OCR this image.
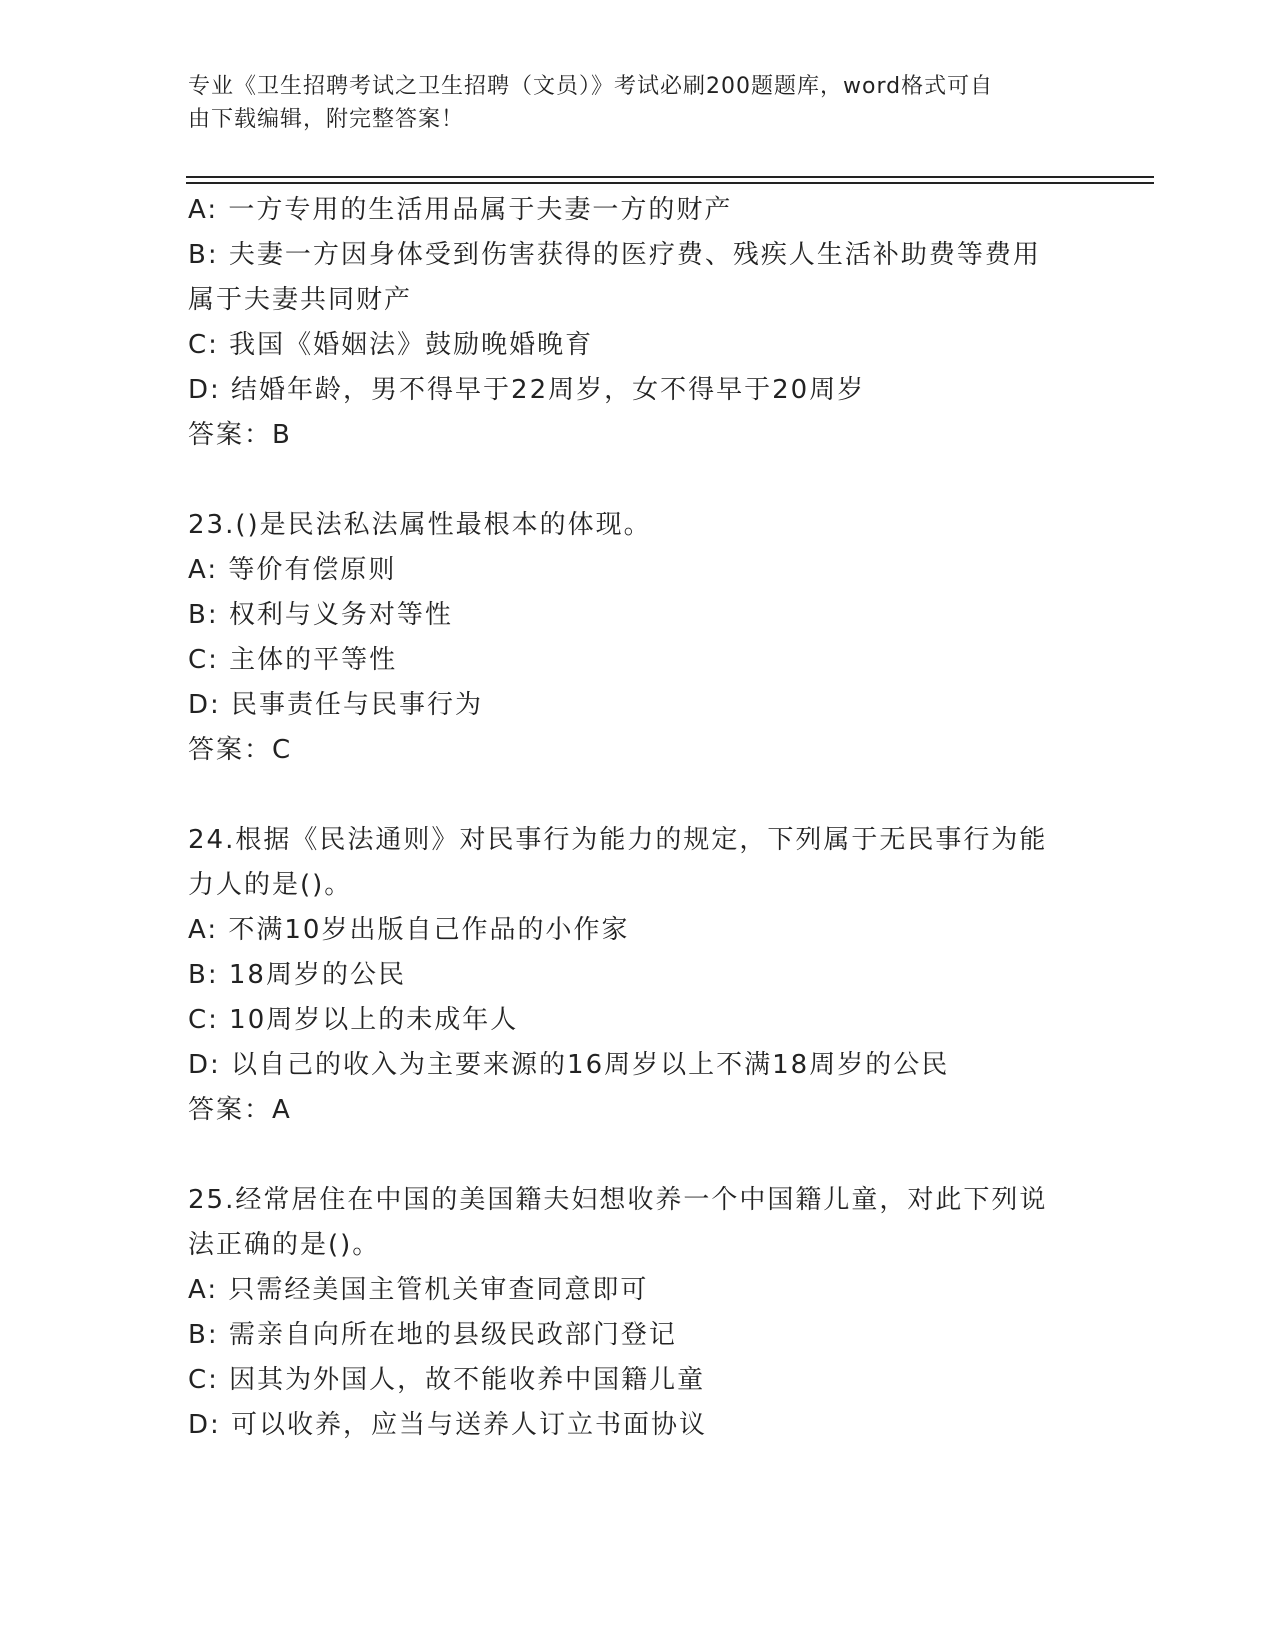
专业《卫生招聘考试之卫生招聘（文员）》考试必刷200题题库，word格式可自
由下载编辑，附完整答案！
A: 一方专用的生活用品属于夫妻一方的财产
B: 夫妻一方因身体受到伤害获得的医疗费、残疾人生活补助费等费用
属于夫妻共同财产
C: 我国《婚姻法》鼓励晚婚晚育
D: 结婚年龄，男不得早于22周岁，女不得早于20周岁
答案：B
23.()是民法私法属性最根本的体现。
A: 等价有偿原则
B: 权利与义务对等性
C: 主体的平等性
D: 民事责任与民事行为
答案：C
24.根据《民法通则》对民事行为能力的规定，下列属于无民事行为能
力人的是()。
A: 不满10岁出版自己作品的小作家
B: 18周岁的公民
C: 10周岁以上的未成年人
D: 以自己的收入为主要来源的16周岁以上不满18周岁的公民
答案：A
25.经常居住在中国的美国籍夫妇想收养一个中国籍儿童，对此下列说
法正确的是()。
A: 只需经美国主管机关审查同意即可
B: 需亲自向所在地的县级民政部门登记
C: 因其为外国人，故不能收养中国籍儿童
D: 可以收养，应当与送养人订立书面协议
